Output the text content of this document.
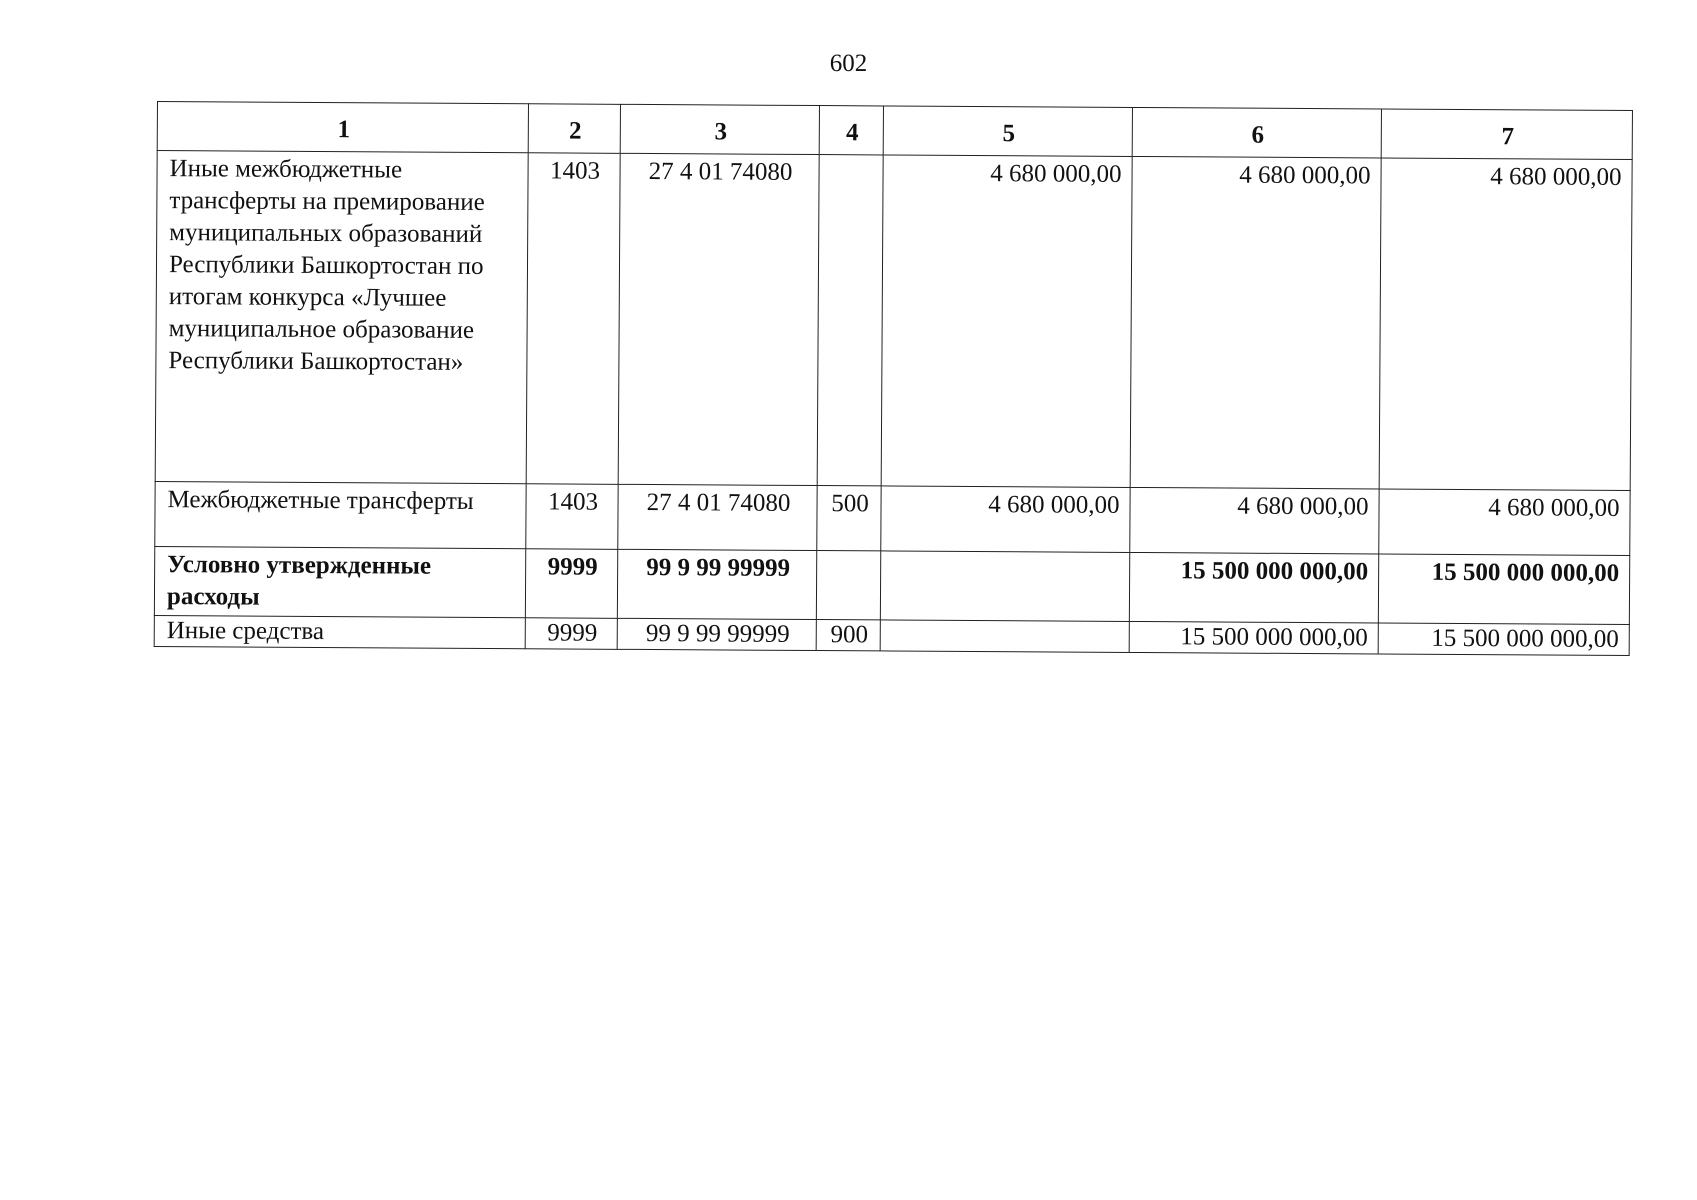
602
1	2	3	4	5	6	7
Иные межбюджетные трансферты на премирование муниципальных образований Республики Башкортостан по итогам конкурса «Лучшее муниципальное образование Республики Башкортостан»	1403	27 4 01 74080		4 680 000,00	4 680 000,00	4 680 000,00
Межбюджетные трансферты	1403	27 4 01 74080	500	4 680 000,00	4 680 000,00	4 680 000,00
Условно утвержденные расходы	9999	99 9 99 99999			15 500 000 000,00	15 500 000 000,00
Иные средства	9999	99 9 99 99999	900		15 500 000 000,00	15 500 000 000,00
